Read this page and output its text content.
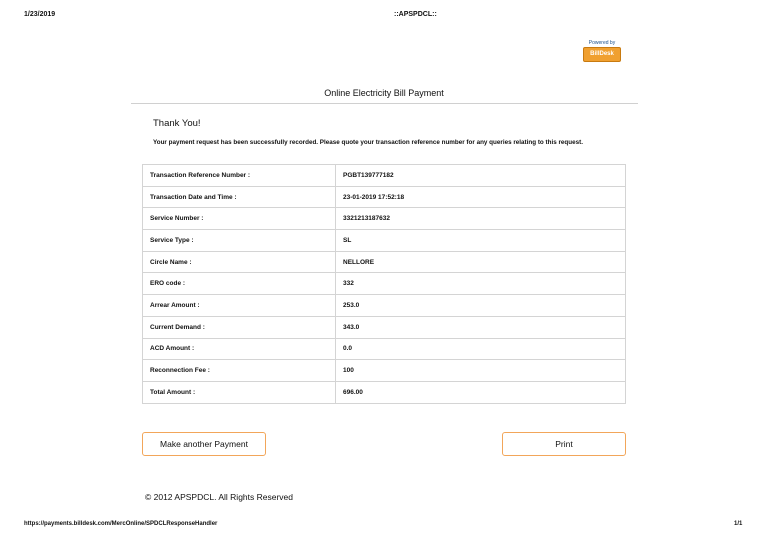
1/23/2019	::APSPDCL::
Powered by
BillDesk
Online Electricity Bill Payment
Thank You!
Your payment request has been successfully recorded. Please quote your transaction reference number for any queries relating to this request.
Transaction Reference Number :	PGBT139777182
Transaction Date and Time :	23-01-2019 17:52:18
Service Number :	3321213187632
Service Type :	SL
Circle Name :	NELLORE
ERO code :	332
Arrear Amount :	253.0
Current Demand :	343.0
ACD Amount :	0.0
Reconnection Fee :	100
Total Amount :	696.00
Make another Payment	Print
© 2012 APSPDCL. All Rights Reserved
https://payments.billdesk.com/MercOnline/SPDCLResponseHandler	1/1
